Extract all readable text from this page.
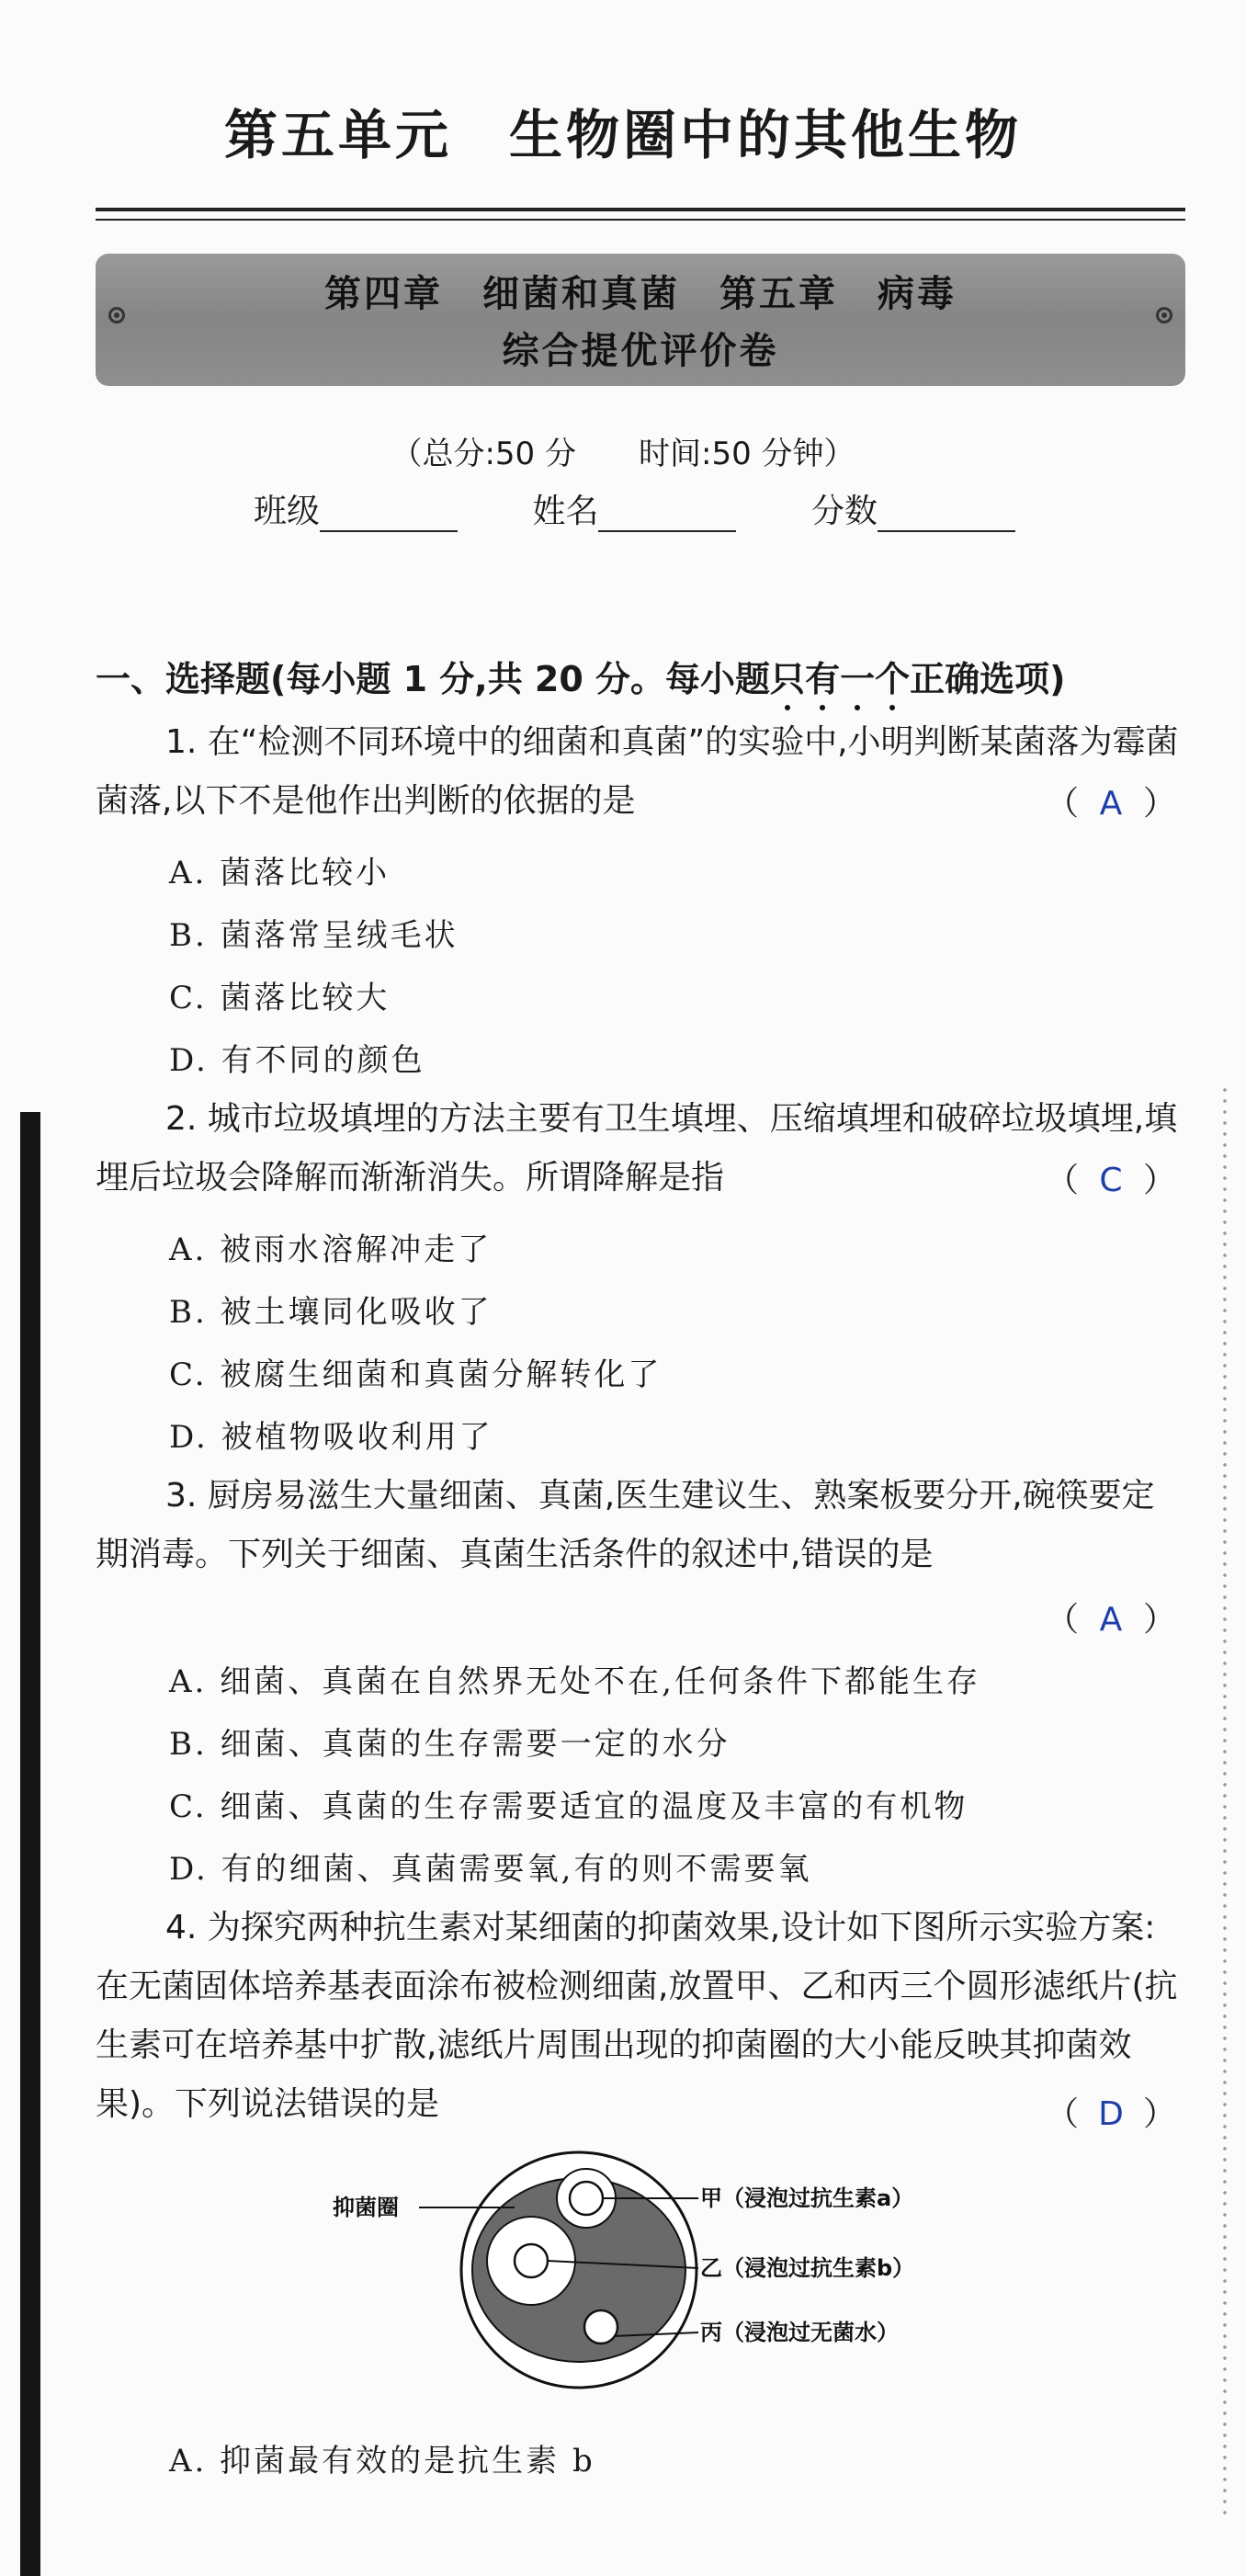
第五单元　生物圈中的其他生物
第四章　细菌和真菌　第五章　病毒
综合提优评价卷
（总分:50 分　　时间:50 分钟）
班级	姓名	分数
一、选择题(每小题 1 分,共 20 分。每小题只有一个正确选项)
1. 在“检测不同环境中的细菌和真菌”的实验中,小明判断某菌落为霉菌菌落,以下不是他作出判断的依据的是	（ A ）
A. 菌落比较小
B. 菌落常呈绒毛状
C. 菌落比较大
D. 有不同的颜色
2. 城市垃圾填埋的方法主要有卫生填埋、压缩填埋和破碎垃圾填埋,填埋后垃圾会降解而渐渐消失。所谓降解是指	（ C ）
A. 被雨水溶解冲走了
B. 被土壤同化吸收了
C. 被腐生细菌和真菌分解转化了
D. 被植物吸收利用了
3. 厨房易滋生大量细菌、真菌,医生建议生、熟案板要分开,碗筷要定期消毒。下列关于细菌、真菌生活条件的叙述中,错误的是
（ A ）
A. 细菌、真菌在自然界无处不在,任何条件下都能生存
B. 细菌、真菌的生存需要一定的水分
C. 细菌、真菌的生存需要适宜的温度及丰富的有机物
D. 有的细菌、真菌需要氧,有的则不需要氧
4. 为探究两种抗生素对某细菌的抑菌效果,设计如下图所示实验方案:在无菌固体培养基表面涂布被检测细菌,放置甲、乙和丙三个圆形滤纸片(抗生素可在培养基中扩散,滤纸片周围出现的抑菌圈的大小能反映其抑菌效果)。下列说法错误的是	（ D ）
抑菌圈	甲（浸泡过抗生素a）
乙（浸泡过抗生素b）
丙（浸泡过无菌水）
A. 抑菌最有效的是抗生素 b
